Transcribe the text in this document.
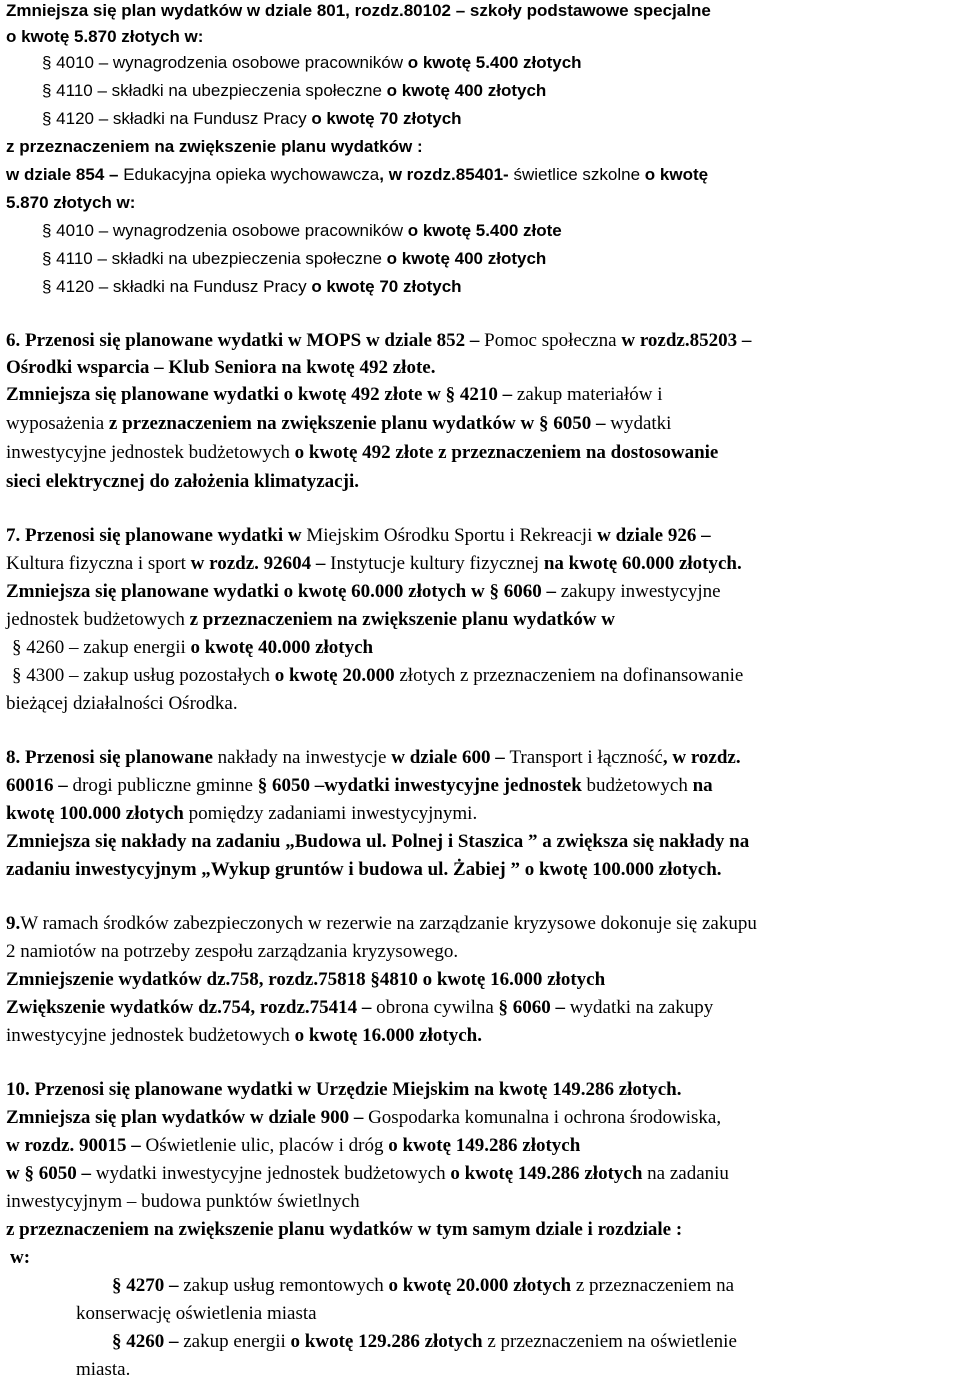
Zmniejsza się plan wydatków w dziale 801, rozdz.80102 – szkoły podstawowe specjalne
o kwotę 5.870 złotych w:
§ 4010 – wynagrodzenia osobowe pracowników o kwotę 5.400 złotych
§ 4110 – składki na ubezpieczenia społeczne o kwotę 400 złotych
§ 4120 – składki na Fundusz Pracy o kwotę 70 złotych
z przeznaczeniem na zwiększenie planu wydatków :
w dziale 854 – Edukacyjna opieka wychowawcza, w rozdz.85401- świetlice szkolne o kwotę
5.870 złotych w:
§ 4010 – wynagrodzenia osobowe pracowników o kwotę 5.400 złote
§ 4110 – składki na ubezpieczenia społeczne o kwotę 400 złotych
§ 4120 – składki na Fundusz Pracy o kwotę 70 złotych
6. Przenosi się planowane wydatki w MOPS w dziale 852 – Pomoc społeczna w rozdz.85203 –
Ośrodki wsparcia – Klub Seniora na kwotę 492 złote.
Zmniejsza się planowane wydatki o kwotę 492 złote w § 4210 – zakup materiałów i
wyposażenia z przeznaczeniem na zwiększenie planu wydatków w § 6050 – wydatki
inwestycyjne jednostek budżetowych o kwotę 492 złote z przeznaczeniem na dostosowanie
sieci elektrycznej do założenia klimatyzacji.
7. Przenosi się planowane wydatki w Miejskim Ośrodku Sportu i Rekreacji w dziale 926 –
Kultura fizyczna i sport w rozdz. 92604 – Instytucje kultury fizycznej na kwotę 60.000 złotych.
Zmniejsza się planowane wydatki o kwotę 60.000 złotych w § 6060 – zakupy inwestycyjne
jednostek budżetowych z przeznaczeniem na zwiększenie planu wydatków w
§ 4260 – zakup energii o kwotę 40.000 złotych
§ 4300 – zakup usług pozostałych o kwotę 20.000 złotych z przeznaczeniem na dofinansowanie
bieżącej działalności Ośrodka.
8. Przenosi się planowane nakłady na inwestycje w dziale 600 – Transport i łączność, w rozdz.
60016 – drogi publiczne gminne § 6050 –wydatki inwestycyjne jednostek budżetowych na
kwotę 100.000 złotych pomiędzy zadaniami inwestycyjnymi.
Zmniejsza się nakłady na zadaniu „Budowa ul. Polnej i Staszica ” a zwiększa się nakłady na
zadaniu inwestycyjnym „Wykup gruntów i budowa ul. Żabiej ” o kwotę 100.000 złotych.
9.W ramach środków zabezpieczonych w rezerwie na zarządzanie kryzysowe dokonuje się zakupu
2 namiotów na potrzeby zespołu zarządzania kryzysowego.
Zmniejszenie wydatków dz.758, rozdz.75818 §4810 o kwotę 16.000 złotych
Zwiększenie wydatków dz.754, rozdz.75414 – obrona cywilna § 6060 – wydatki na zakupy
inwestycyjne jednostek budżetowych o kwotę 16.000 złotych.
10. Przenosi się planowane wydatki w Urzędzie Miejskim na kwotę 149.286 złotych.
Zmniejsza się plan wydatków w dziale 900 – Gospodarka komunalna i ochrona środowiska,
w rozdz. 90015 – Oświetlenie ulic, placów i dróg o kwotę 149.286 złotych
w § 6050 – wydatki inwestycyjne jednostek budżetowych o kwotę 149.286 złotych na zadaniu
inwestycyjnym – budowa punktów świetlnych
z przeznaczeniem na zwiększenie planu wydatków w tym samym dziale i rozdziale :
w:
§ 4270 – zakup usług remontowych o kwotę 20.000 złotych z przeznaczeniem na
konserwację oświetlenia miasta
§ 4260 – zakup energii o kwotę 129.286 złotych z przeznaczeniem na oświetlenie
miasta.
